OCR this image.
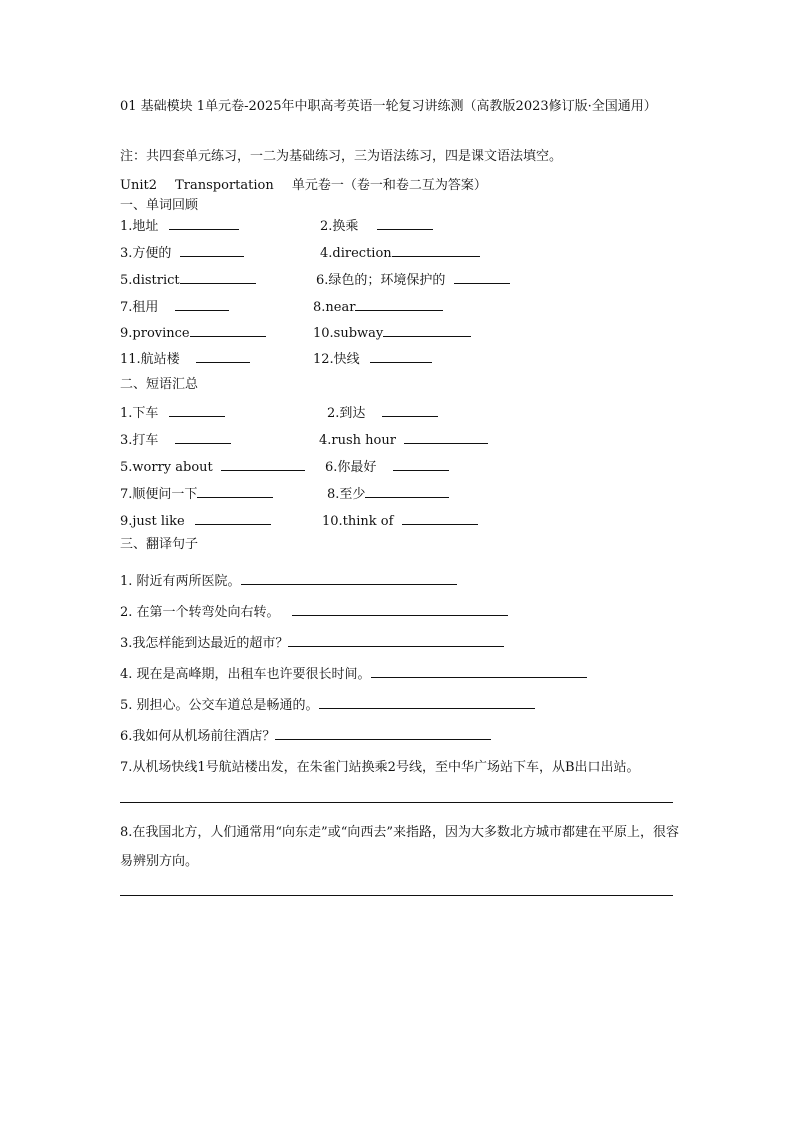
01 基础模块 1单元卷-2025年中职高考英语一轮复习讲练测（高教版2023修订版·全国通用）
注：共四套单元练习，一二为基础练习，三为语法练习，四是课文语法填空。
Unit2 Transportation 单元卷一（卷一和卷二互为答案）
一、单词回顾
1.地址	2.换乘
3.方便的	4.direction
5.district	6.绿色的；环境保护的
7.租用	8.near
9.province	10.subway
11.航站楼	12.快线
二、短语汇总
1.下车	2.到达
3.打车	4.rush hour
5.worry about	6.你最好
7.顺便问一下	8.至少
9.just like	10.think of
三、翻译句子
1. 附近有两所医院。
2. 在第一个转弯处向右转。
3.我怎样能到达最近的超市？
4. 现在是高峰期，出租车也许要很长时间。
5. 别担心。公交车道总是畅通的。
6.我如何从机场前往酒店？
7.从机场快线1号航站楼出发，在朱雀门站换乘2号线，至中华广场站下车，从B出口出站。
8.在我国北方，人们通常用“向东走”或“向西去”来指路，因为大多数北方城市都建在平原上，很容易辨别方向。
